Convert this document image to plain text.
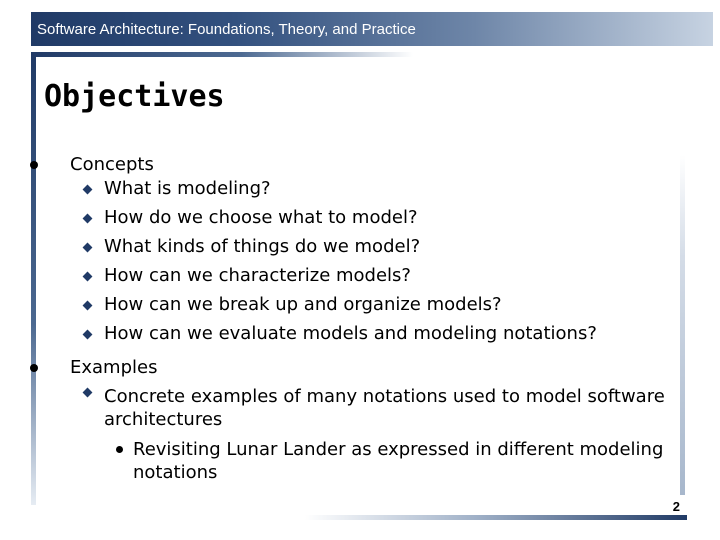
Software Architecture: Foundations, Theory, and Practice
Objectives
Concepts
What is modeling?
How do we choose what to model?
What kinds of things do we model?
How can we characterize models?
How can we break up and organize models?
How can we evaluate models and modeling notations?
Examples
Concrete examples of many notations used to model software
architectures
Revisiting Lunar Lander as expressed in different modeling
notations
2
